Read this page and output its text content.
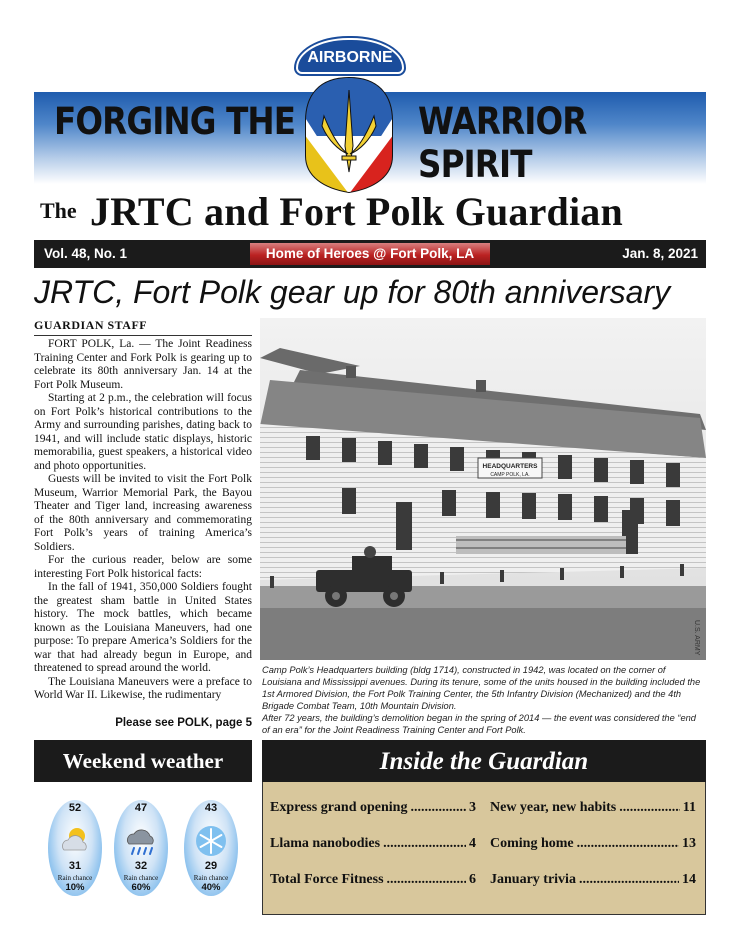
FORGING THE	WARRIOR SPIRIT
AIRBORNE
The JRTC and Fort Polk Guardian
Vol. 48, No. 1	Home of Heroes @ Fort Polk, LA	Jan. 8, 2021
JRTC, Fort Polk gear up for 80th anniversary
GUARDIAN STAFF

FORT POLK, La. — The Joint Readiness Training Center and Fork Polk is gearing up to celebrate its 80th anniversary Jan. 14 at the Fort Polk Museum.

Starting at 2 p.m., the celebration will focus on Fort Polk’s historical contributions to the Army and surrounding parishes, dating back to 1941, and will include static displays, historic memorabilia, guest speakers, a historical video and photo opportunities.

Guests will be invited to visit the Fort Polk Museum, Warrior Memorial Park, the Bayou Theater and Tiger land, increasing awareness of the 80th anniversary and commemorating Fort Polk’s years of training America’s Soldiers.

For the curious reader, below are some interesting Fort Polk historical facts:

In the fall of 1941, 350,000 Soldiers fought the greatest sham battle in United States history. The mock battles, which became known as the Louisiana Maneuvers, had one purpose: To prepare America’s Soldiers for the war that had already begun in Europe, and threatened to spread around the world.

The Louisiana Maneuvers were a preface to World War II. Likewise, the rudimentary

Please see POLK, page 5
HEADQUARTERS
CAMP POLK, LA.
U.S. ARMY

Camp Polk’s Headquarters building (bldg 1714), constructed in 1942, was located on the corner of Louisiana and Mississippi avenues. During its tenure, some of the units housed in the building included the 1st Armored Division, the Fort Polk Training Center, the 5th Infantry Division (Mechanized) and the 4th Brigade Combat Team, 10th Mountain Division.

After 72 years, the building’s demolition began in the spring of 2014 — the event was considered the “end of an era” for the Joint Readiness Training Center and Fort Polk.

Weekend weather
52
31
Rain chance
10%
47
32
Rain chance
60%
43
29
Rain chance
40%
Inside the Guardian
Express grand opening .....	3 New year, new habits .....	11
Llama nanobodies .....	4 Coming home .....	13
Total Force Fitness .....	6 January trivia .....	14
